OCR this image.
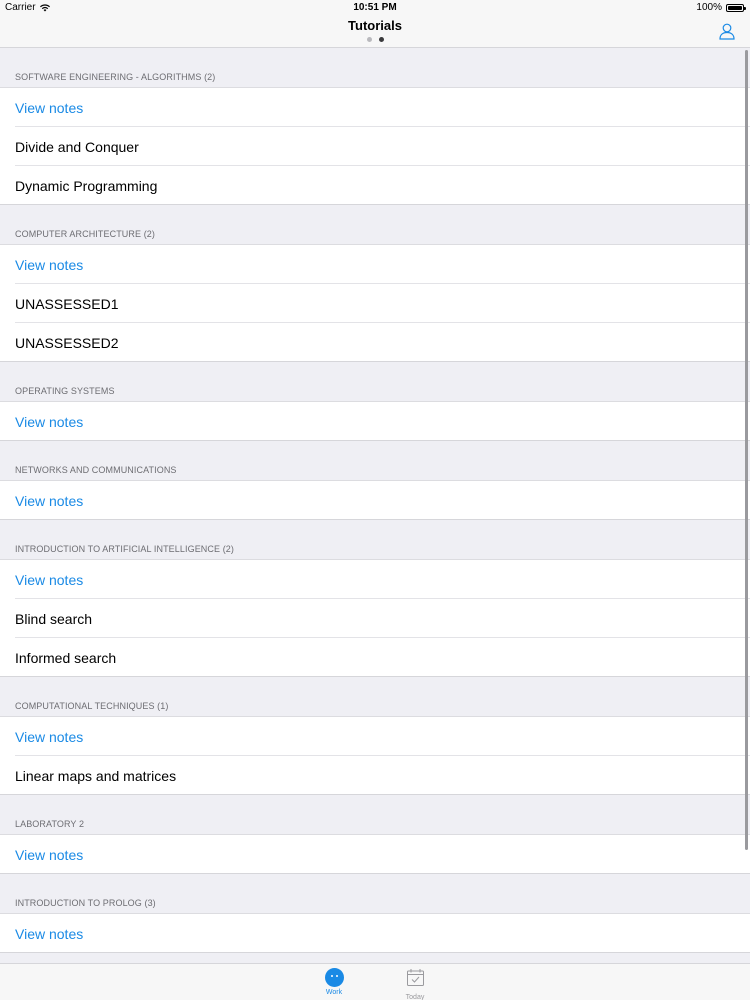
Carrier	10:51 PM	100%
Tutorials
SOFTWARE ENGINEERING - ALGORITHMS (2)
View notes
Divide and Conquer
Dynamic Programming
COMPUTER ARCHITECTURE (2)
View notes
UNASSESSED1
UNASSESSED2
OPERATING SYSTEMS
View notes
NETWORKS AND COMMUNICATIONS
View notes
INTRODUCTION TO ARTIFICIAL INTELLIGENCE (2)
View notes
Blind search
Informed search
COMPUTATIONAL TECHNIQUES (1)
View notes
Linear maps and matrices
LABORATORY 2
View notes
INTRODUCTION TO PROLOG (3)
View notes
Work
Today
